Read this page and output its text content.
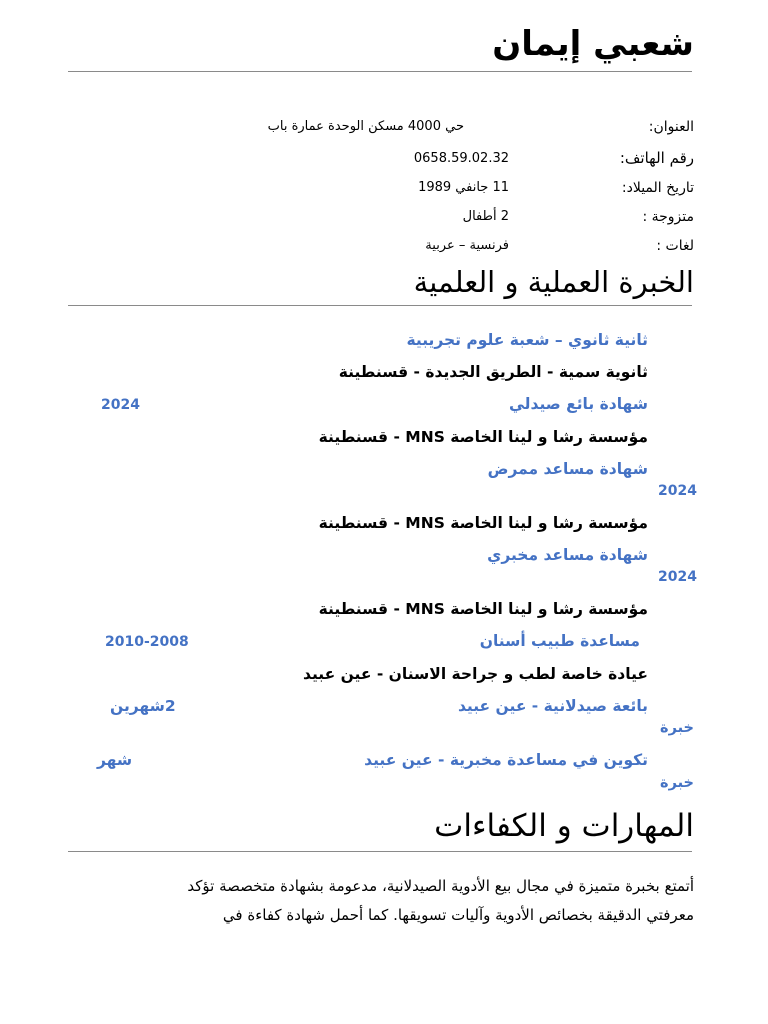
شعبي إيمان
العنوان:
حي 4000 مسكن الوحدة عمارة باب
رقم الهاتف:
0658.59.02.32
تاريخ الميلاد:
11 جانفي 1989
متزوجة :
2 أطفال
لغات :
فرنسية – عربية
الخبرة العملية و العلمية
ثانية ثانوي – شعبة علوم تجريبية
ثانوية سمية - الطريق الجديدة - قسنطينة
شهادة بائع صيدلي
2024
مؤسسة رشا و لينا الخاصة MNS - قسنطينة
شهادة مساعد ممرض
2024
مؤسسة رشا و لينا الخاصة MNS - قسنطينة
شهادة مساعد مخبري
2024
مؤسسة رشا و لينا الخاصة MNS - قسنطينة
مساعدة طبيب أسنان
2010-2008
عيادة خاصة لطب و جراحة الاسنان - عين عبيد
بائعة صيدلانية - عين عبيد
2شهرين
خبرة
تكوين في مساعدة مخبرية - عين عبيد
شهر
خبرة
المهارات و الكفاءات
أتمتع بخبرة متميزة في مجال بيع الأدوية الصيدلانية، مدعومة بشهادة متخصصة تؤكد
معرفتي الدقيقة بخصائص الأدوية وآليات تسويقها. كما أحمل شهادة كفاءة في
